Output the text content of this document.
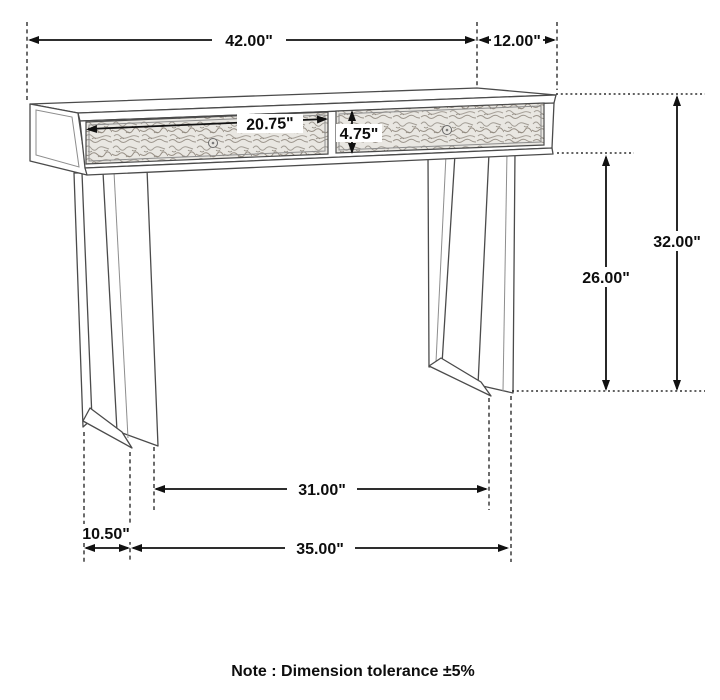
42.00"	12.00"
20.75"
4.75"
32.00"
26.00"
31.00"
10.50"
35.00"
Note : Dimension tolerance ±5%
